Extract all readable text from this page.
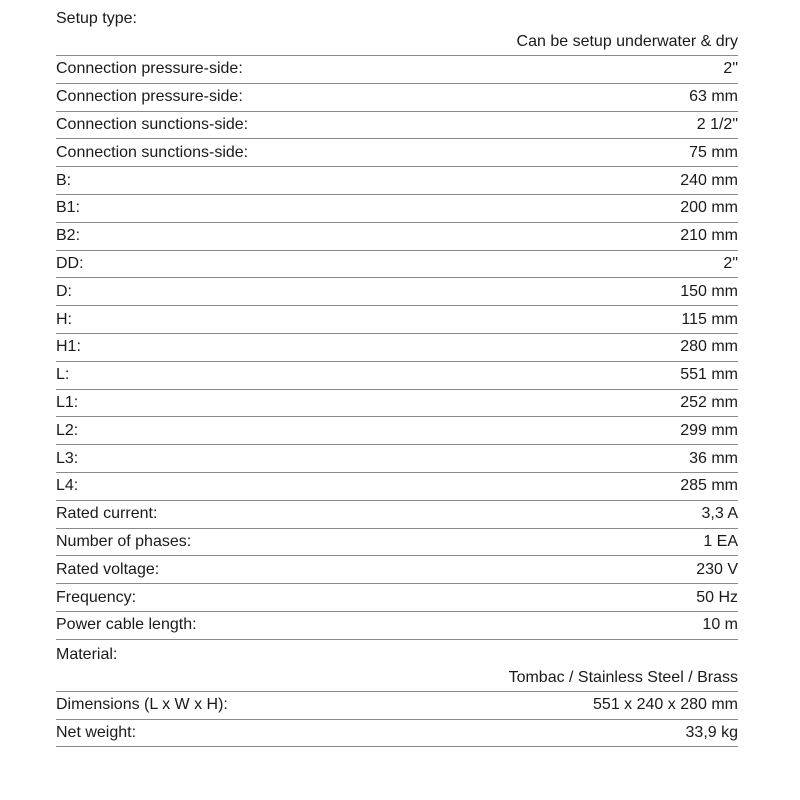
Setup type:
Can be setup underwater & dry
Connection pressure-side:	2"
Connection pressure-side:	63 mm
Connection sunctions-side:	2 1/2"
Connection sunctions-side:	75 mm
B:	240 mm
B1:	200 mm
B2:	210 mm
DD:	2"
D:	150 mm
H:	115 mm
H1:	280 mm
L:	551 mm
L1:	252 mm
L2:	299 mm
L3:	36 mm
L4:	285 mm
Rated current:	3,3 A
Number of phases:	1 EA
Rated voltage:	230 V
Frequency:	50 Hz
Power cable length:	10 m
Material:
Tombac / Stainless Steel / Brass
Dimensions (L x W x H):	551 x 240 x 280 mm
Net weight:	33,9 kg
